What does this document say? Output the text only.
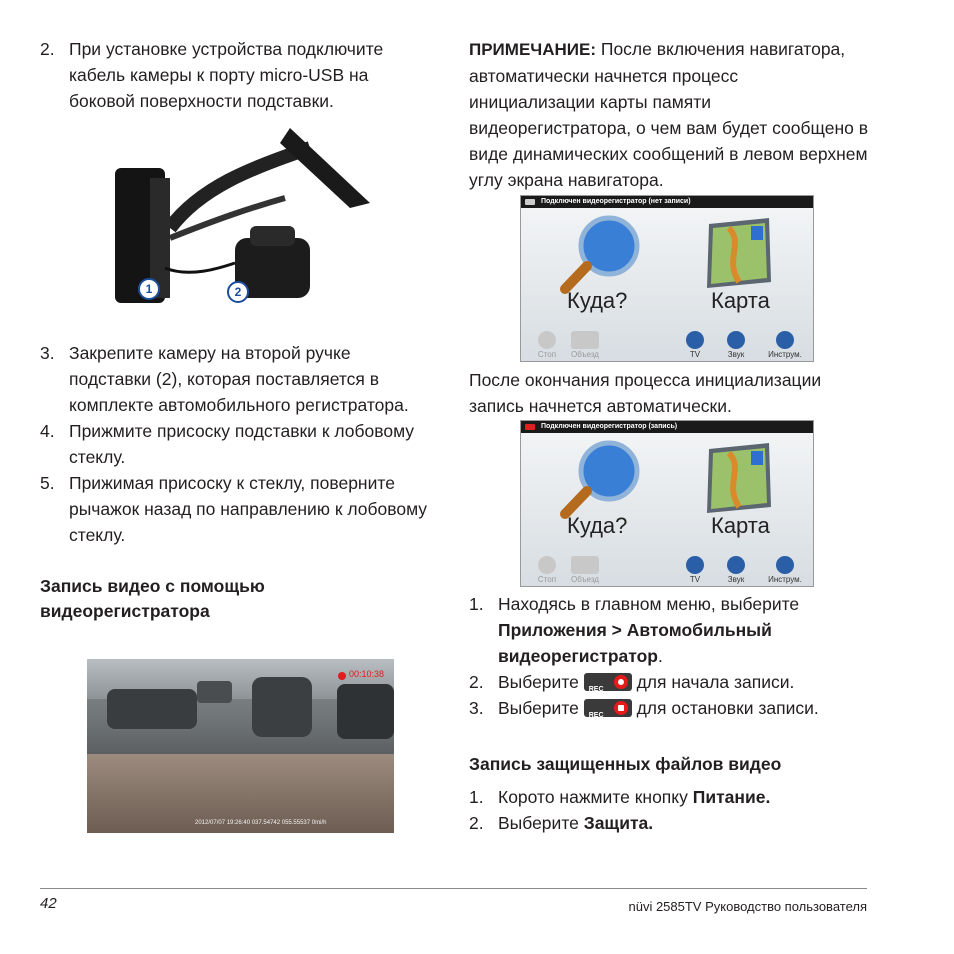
2. При установке устройства подключите кабель камеры к порту micro-USB на боковой поверхности подставки.
1	2
3. Закрепите камеру на второй ручке подставки (2), которая поставляется в комплекте автомобильного регистратора.
4. Прижмите присоску подставки к лобовому стеклу.
5. Прижимая присоску к стеклу, поверните рычажок назад по направлению к лобовому стеклу.
Запись видео с помощью видеорегистратора
00:10:38
2012/07/07 19:26:40 037.54742 055.55537 0mi/h
ПРИМЕЧАНИЕ: После включения навигатора, автоматически начнется процесс инициализации карты памяти видеорегистратора, о чем вам будет сообщено в виде динамических сообщений в левом верхнем углу экрана навигатора.
Подключен видеорегистратор (нет записи)
Куда?	Карта
Стоп	Объезд	TV	Звук	Инструм.
После окончания процесса инициализации запись начнется автоматически.
Подключен видеорегистратор (запись)
Куда?	Карта
Стоп	Объезд	TV	Звук	Инструм.
1. Находясь в главном меню, выберите Приложения > Автомобильный видеорегистратор.
2. Выберите REC для начала записи.
3. Выберите REC для остановки записи.
Запись защищенных файлов видео
1. Корото нажмите кнопку Питание.
2. Выберите Защита.
42	nüvi 2585TV Руководство пользователя
